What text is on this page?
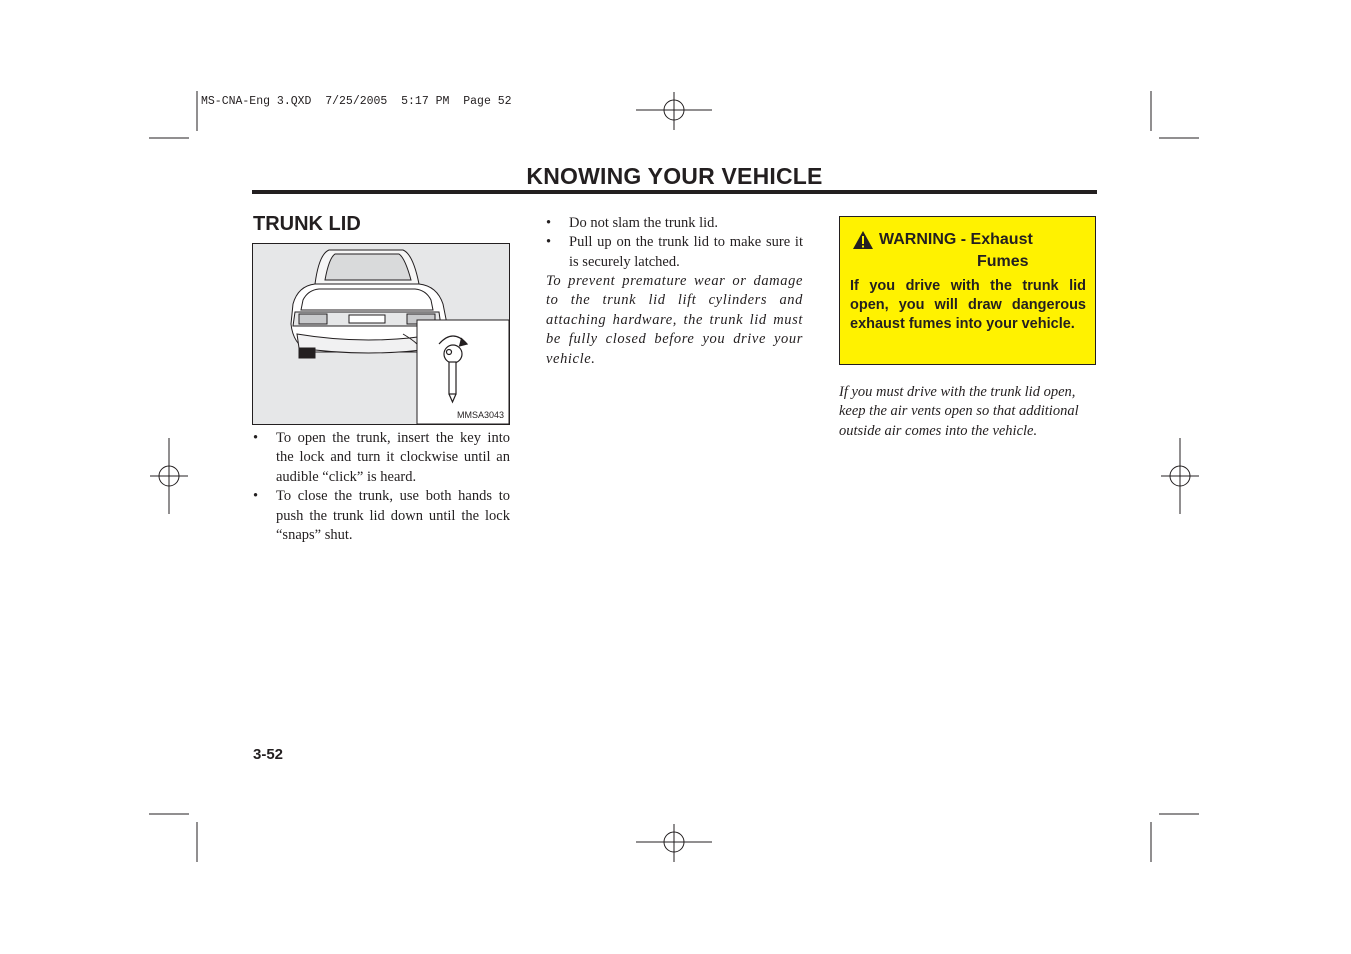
MS-CNA-Eng 3.QXD  7/25/2005  5:17 PM  Page 52
KNOWING YOUR VEHICLE
TRUNK LID
MMSA3043
• To open the trunk, insert the key into the lock and turn it clockwise until an audible “click” is heard.
• To close the trunk, use both hands to push the trunk lid down until the lock “snaps” shut.
• Do not slam the trunk lid.
• Pull up on the trunk lid to make sure it is securely latched.
To prevent premature wear or damage to the trunk lid lift cylinders and attaching hardware, the trunk lid must be fully closed before you drive your vehicle.
WARNING - Exhaust
Fumes
If you drive with the trunk lid open, you will draw dangerous exhaust fumes into your vehicle.
If you must drive with the trunk lid open, keep the air vents open so that additional outside air comes into the vehicle.
3-52
